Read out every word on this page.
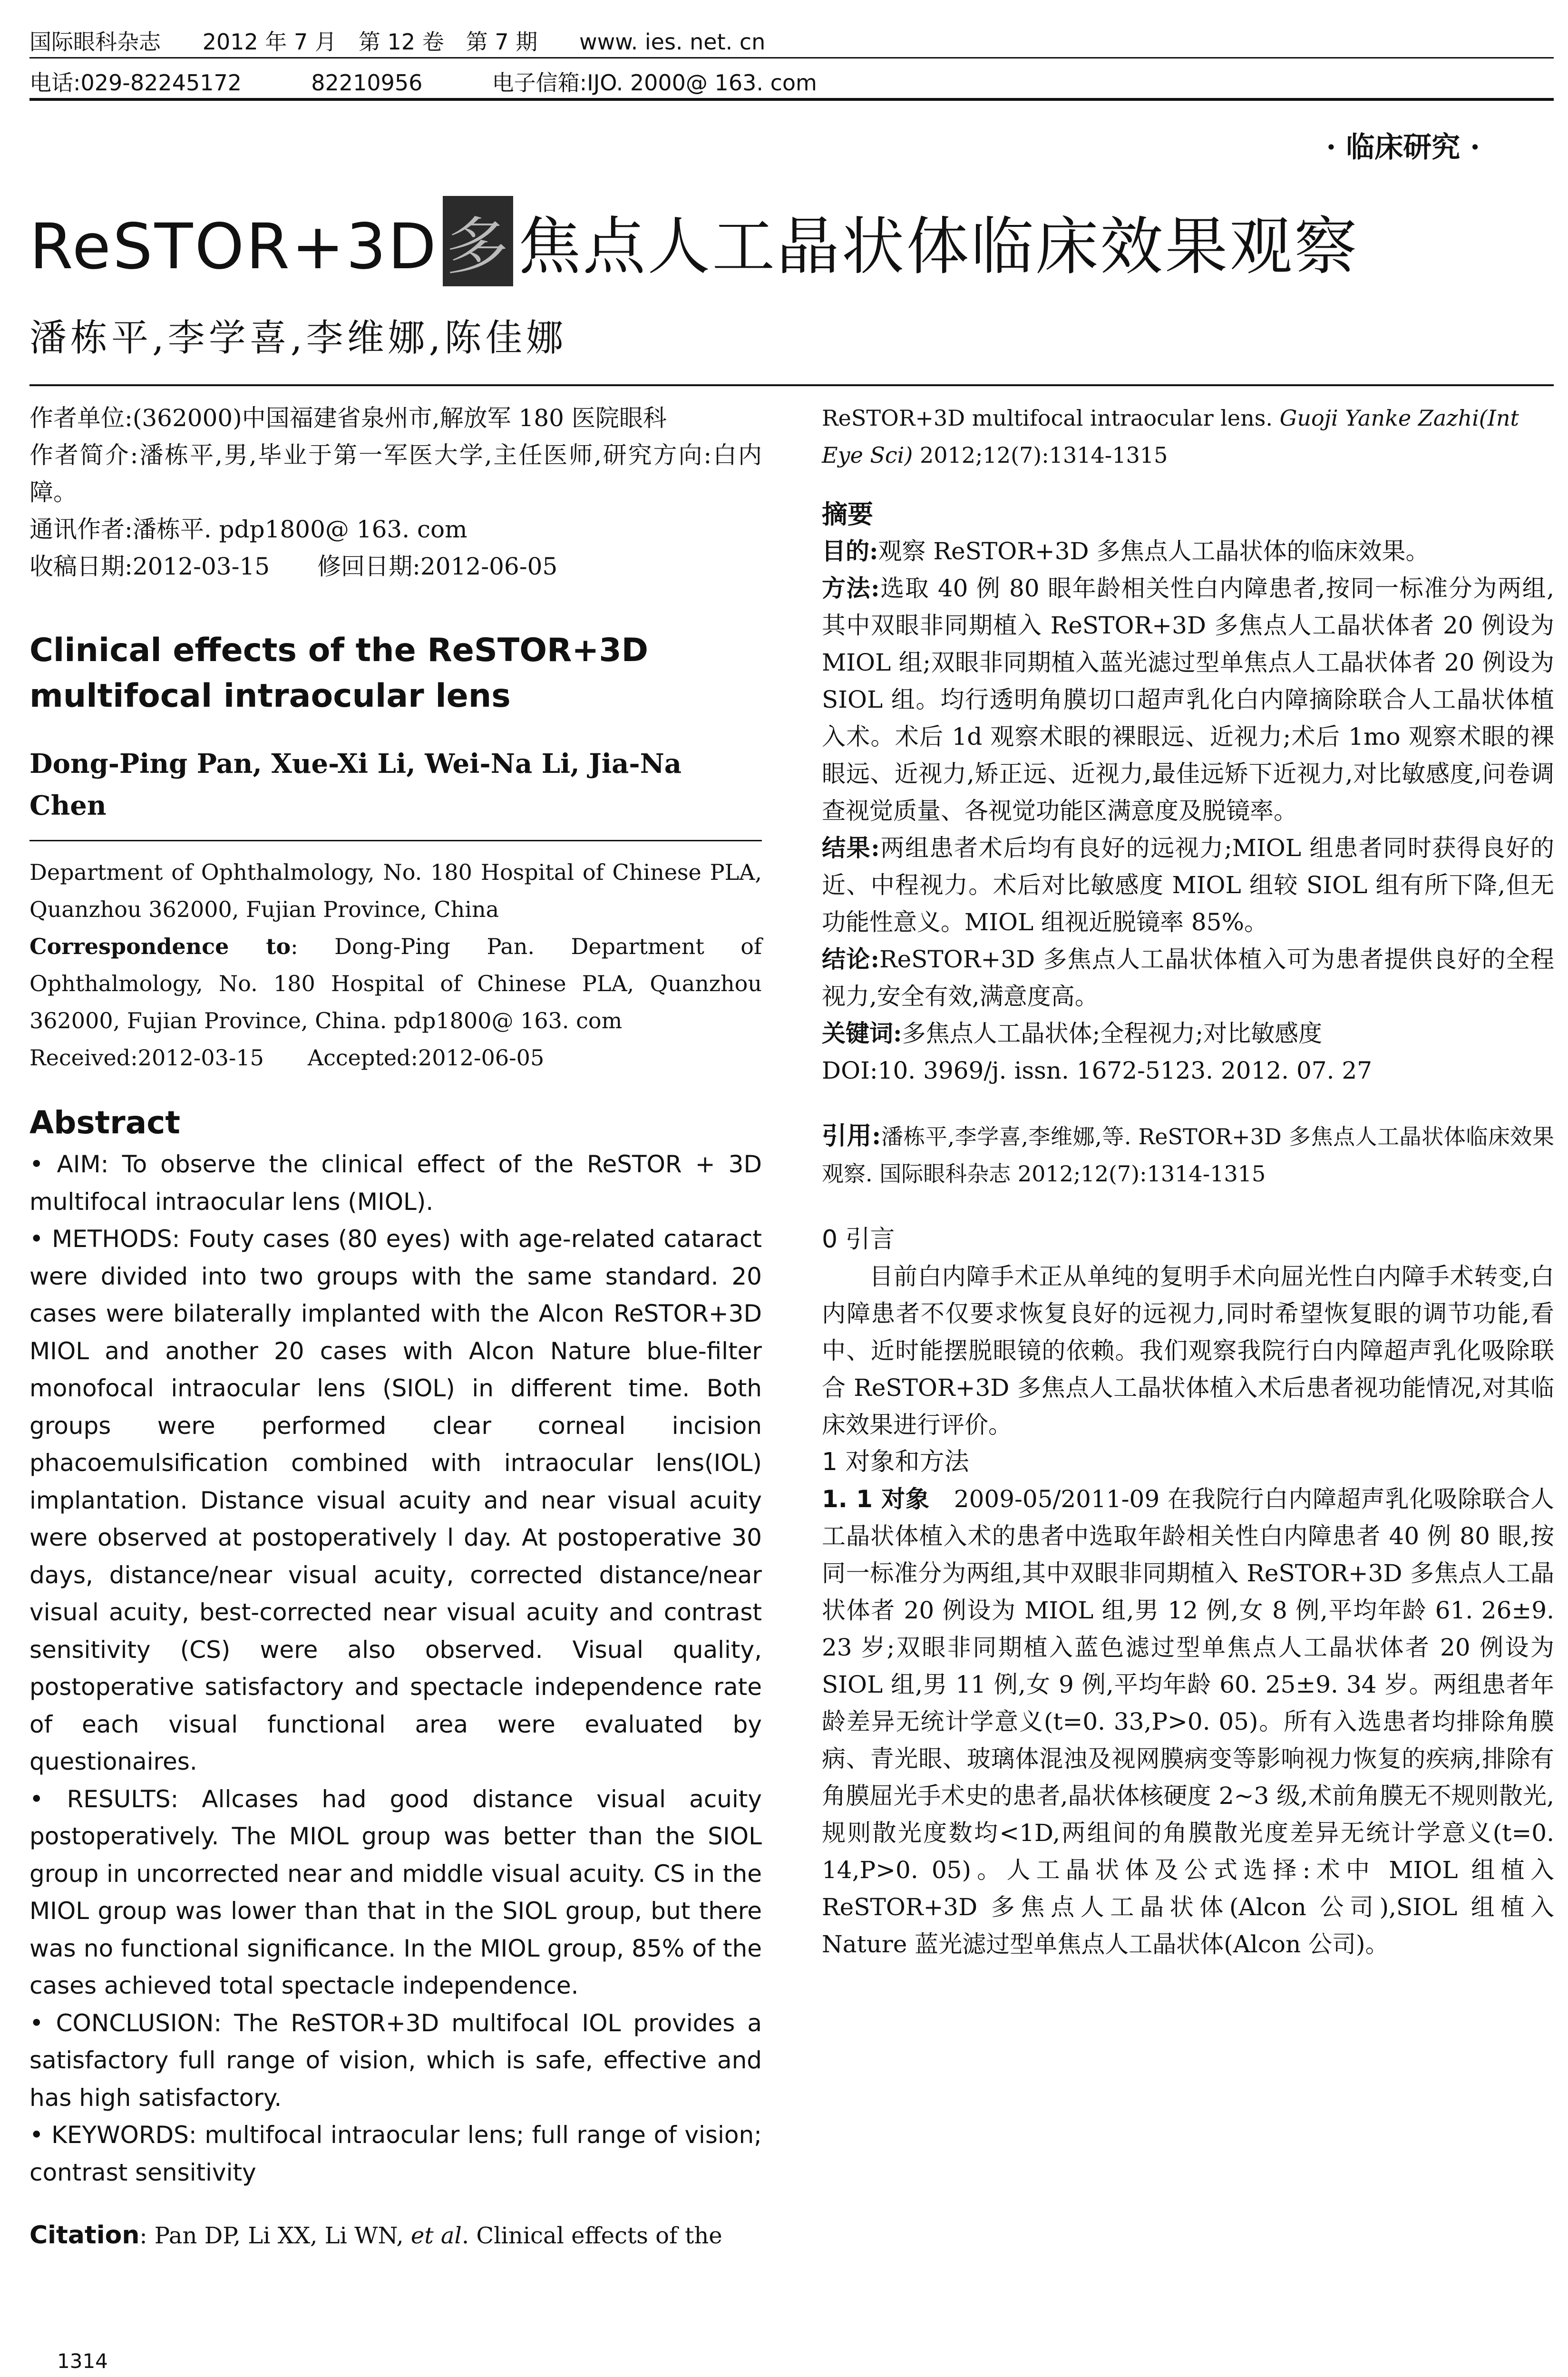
国际眼科杂志 2012 年 7 月　第 12 卷　第 7 期 www. ies. net. cn
电话:029-82245172	82210956	电子信箱:IJO. 2000@ 163. com
· 临床研究 ·
ReSTOR+3D 多 焦点人工晶状体临床效果观察
潘栋平,李学喜,李维娜,陈佳娜

作者单位:(362000)中国福建省泉州市,解放军 180 医院眼科

作者简介:潘栋平,男,毕业于第一军医大学,主任医师,研究方向:白内障。

通讯作者:潘栋平. pdp1800@ 163. com

收稿日期:2012-03-15　　修回日期:2012-06-05

Clinical effects of the ReSTOR+3D multifocal intraocular lens
Dong-Ping Pan, Xue-Xi Li, Wei-Na Li, Jia-Na Chen
Department of Ophthalmology, No. 180 Hospital of Chinese PLA, Quanzhou 362000, Fujian Province, China
Correspondence to: Dong-Ping Pan. Department of Ophthalmology, No. 180 Hospital of Chinese PLA, Quanzhou 362000, Fujian Province, China. pdp1800@ 163. com
Received:2012-03-15　　Accepted:2012-06-05
Abstract

• AIM: To observe the clinical effect of the ReSTOR + 3D multifocal intraocular lens (MIOL).

• METHODS: Fouty cases (80 eyes) with age-related cataract were divided into two groups with the same standard. 20 cases were bilaterally implanted with the Alcon ReSTOR+3D MIOL and another 20 cases with Alcon Nature blue-filter monofocal intraocular lens (SIOL) in different time. Both groups were performed clear corneal incision phacoemulsification combined with intraocular lens(IOL) implantation. Distance visual acuity and near visual acuity were observed at postoperatively l day. At postoperative 30 days, distance/near visual acuity, corrected distance/near visual acuity, best-corrected near visual acuity and contrast sensitivity (CS) were also observed. Visual quality, postoperative satisfactory and spectacle independence rate of each visual functional area were evaluated by questionaires.

• RESULTS: Allcases had good distance visual acuity postoperatively. The MIOL group was better than the SIOL group in uncorrected near and middle visual acuity. CS in the MIOL group was lower than that in the SIOL group, but there was no functional significance. In the MIOL group, 85% of the cases achieved total spectacle independence.

• CONCLUSION: The ReSTOR+3D multifocal IOL provides a satisfactory full range of vision, which is safe, effective and has high satisfactory.

• KEYWORDS: multifocal intraocular lens; full range of vision; contrast sensitivity

Citation: Pan DP, Li XX, Li WN, et al. Clinical effects of the
ReSTOR+3D multifocal intraocular lens. Guoji Yanke Zazhi(Int Eye Sci) 2012;12(7):1314-1315
摘要

目的:观察 ReSTOR+3D 多焦点人工晶状体的临床效果。

方法:选取 40 例 80 眼年龄相关性白内障患者,按同一标准分为两组,其中双眼非同期植入 ReSTOR+3D 多焦点人工晶状体者 20 例设为 MIOL 组;双眼非同期植入蓝光滤过型单焦点人工晶状体者 20 例设为 SIOL 组。均行透明角膜切口超声乳化白内障摘除联合人工晶状体植入术。术后 1d 观察术眼的裸眼远、近视力;术后 1mo 观察术眼的裸眼远、近视力,矫正远、近视力,最佳远矫下近视力,对比敏感度,问卷调查视觉质量、各视觉功能区满意度及脱镜率。

结果:两组患者术后均有良好的远视力;MIOL 组患者同时获得良好的近、中程视力。术后对比敏感度 MIOL 组较 SIOL 组有所下降,但无功能性意义。MIOL 组视近脱镜率 85%。

结论:ReSTOR+3D 多焦点人工晶状体植入可为患者提供良好的全程视力,安全有效,满意度高。

关键词:多焦点人工晶状体;全程视力;对比敏感度

DOI:10. 3969/j. issn. 1672-5123. 2012. 07. 27

引用:潘栋平,李学喜,李维娜,等. ReSTOR+3D 多焦点人工晶状体临床效果观察. 国际眼科杂志 2012;12(7):1314-1315
0 引言
目前白内障手术正从单纯的复明手术向屈光性白内障手术转变,白内障患者不仅要求恢复良好的远视力,同时希望恢复眼的调节功能,看中、近时能摆脱眼镜的依赖。我们观察我院行白内障超声乳化吸除联合 ReSTOR+3D 多焦点人工晶状体植入术后患者视功能情况,对其临床效果进行评价。
1 对象和方法
1. 1 对象　2009-05/2011-09 在我院行白内障超声乳化吸除联合人工晶状体植入术的患者中选取年龄相关性白内障患者 40 例 80 眼,按同一标准分为两组,其中双眼非同期植入 ReSTOR+3D 多焦点人工晶状体者 20 例设为 MIOL 组,男 12 例,女 8 例,平均年龄 61. 26±9. 23 岁;双眼非同期植入蓝色滤过型单焦点人工晶状体者 20 例设为 SIOL 组,男 11 例,女 9 例,平均年龄 60. 25±9. 34 岁。两组患者年龄差异无统计学意义(t=0. 33,P>0. 05)。所有入选患者均排除角膜病、青光眼、玻璃体混浊及视网膜病变等影响视力恢复的疾病,排除有角膜屈光手术史的患者,晶状体核硬度 2~3 级,术前角膜无不规则散光,规则散光度数均<1D,两组间的角膜散光度差异无统计学意义(t=0. 14,P>0. 05)。人工晶状体及公式选择:术中 MIOL 组植入 ReSTOR+3D 多焦点人工晶状体(Alcon 公司),SIOL 组植入 Nature 蓝光滤过型单焦点人工晶状体(Alcon 公司)。
1314
